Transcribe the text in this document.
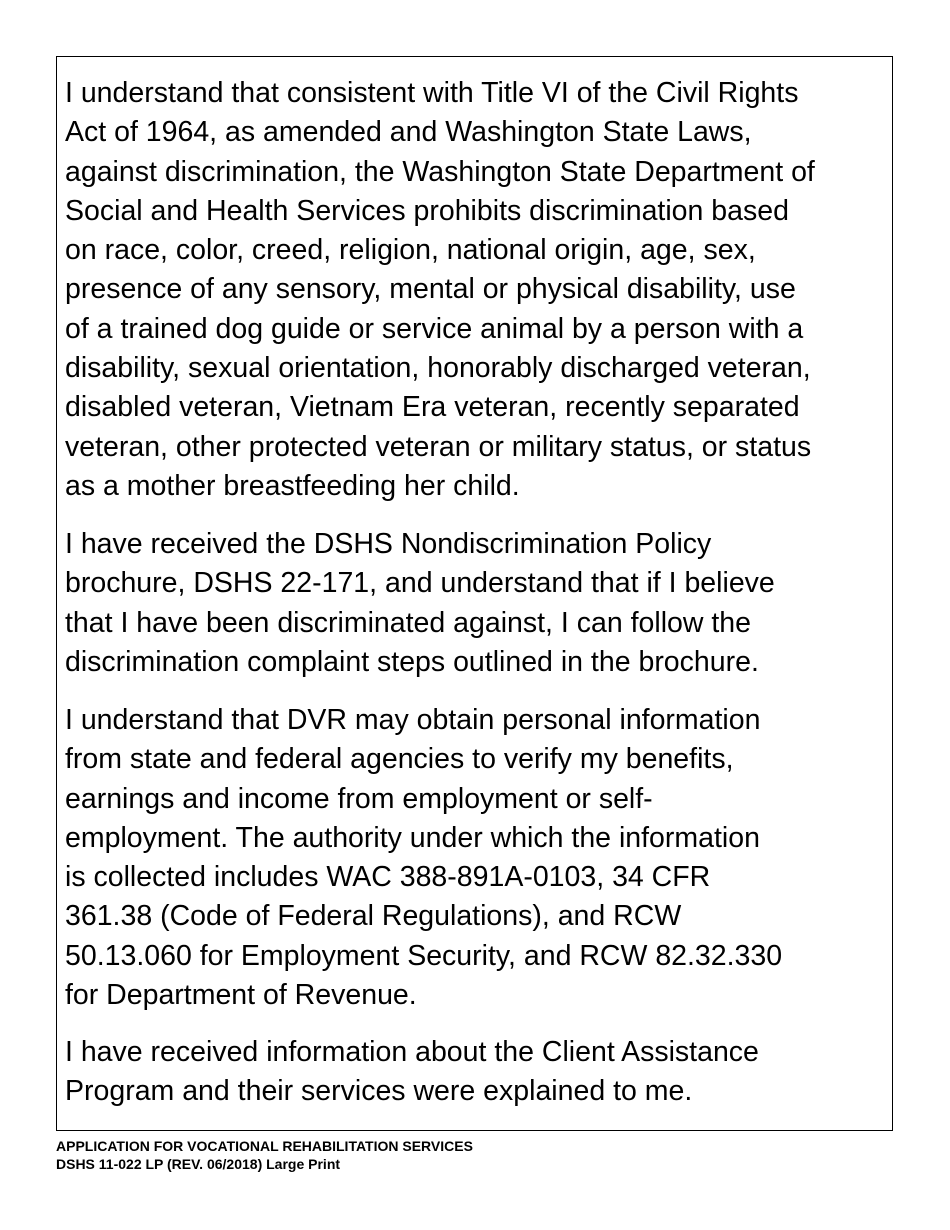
I understand that consistent with Title VI of the Civil Rights
Act of 1964, as amended and Washington State Laws,
against discrimination, the Washington State Department of
Social and Health Services prohibits discrimination based
on race, color, creed, religion, national origin, age, sex,
presence of any sensory, mental or physical disability, use
of a trained dog guide or service animal by a person with a
disability, sexual orientation, honorably discharged veteran,
disabled veteran, Vietnam Era veteran, recently separated
veteran, other protected veteran or military status, or status
as a mother breastfeeding her child.

I have received the DSHS Nondiscrimination Policy
brochure, DSHS 22-171, and understand that if I believe
that I have been discriminated against, I can follow the
discrimination complaint steps outlined in the brochure.

I understand that DVR may obtain personal information
from state and federal agencies to verify my benefits,
earnings and income from employment or self-
employment. The authority under which the information
is collected includes WAC 388-891A-0103, 34 CFR
361.38 (Code of Federal Regulations), and RCW
50.13.060 for Employment Security, and RCW 82.32.330
for Department of Revenue.

I have received information about the Client Assistance
Program and their services were explained to me.

APPLICATION FOR VOCATIONAL REHABILITATION SERVICES
DSHS 11-022 LP (REV. 06/2018) Large Print
